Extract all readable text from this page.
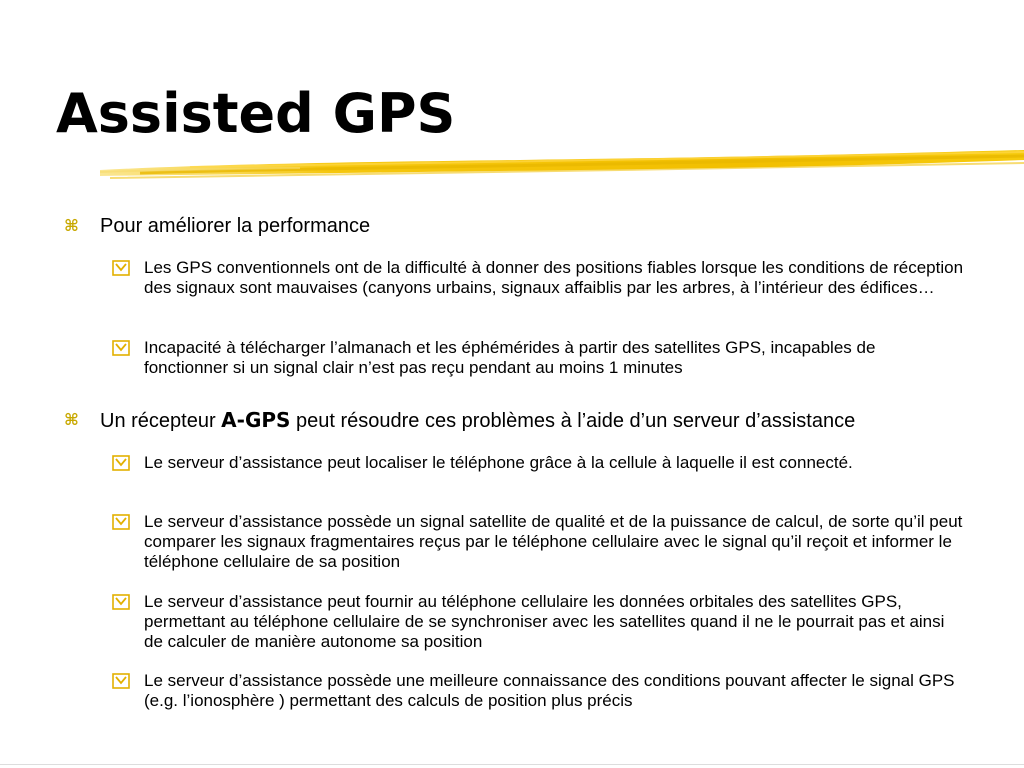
Assisted GPS
⌘	Pour améliorer la performance
Les GPS conventionnels ont de la difficulté à donner des positions fiables lorsque les conditions de réception des signaux sont mauvaises (canyons urbains, signaux affaiblis par les arbres, à l’intérieur des édifices…
Incapacité à télécharger l’almanach et les éphémérides à partir des satellites GPS, incapables de fonctionner si un signal clair n’est pas reçu pendant au moins 1 minutes
⌘	Un récepteur A-GPS peut résoudre ces problèmes à l’aide d’un serveur d’assistance
Le serveur d’assistance peut localiser le téléphone grâce à la cellule à laquelle il est connecté.
Le serveur d’assistance possède un signal satellite de qualité et de la puissance de calcul, de sorte qu’il peut comparer les signaux fragmentaires reçus par le téléphone cellulaire avec le signal qu’il reçoit et informer le téléphone cellulaire de sa position
Le serveur d’assistance peut fournir au téléphone cellulaire les données orbitales des satellites GPS, permettant au téléphone cellulaire de se synchroniser avec les satellites quand il ne le pourrait pas et ainsi de calculer de manière autonome sa position
Le serveur d’assistance possède une meilleure connaissance des conditions pouvant affecter le signal GPS (e.g. l’ionosphère ) permettant des calculs de position plus précis
